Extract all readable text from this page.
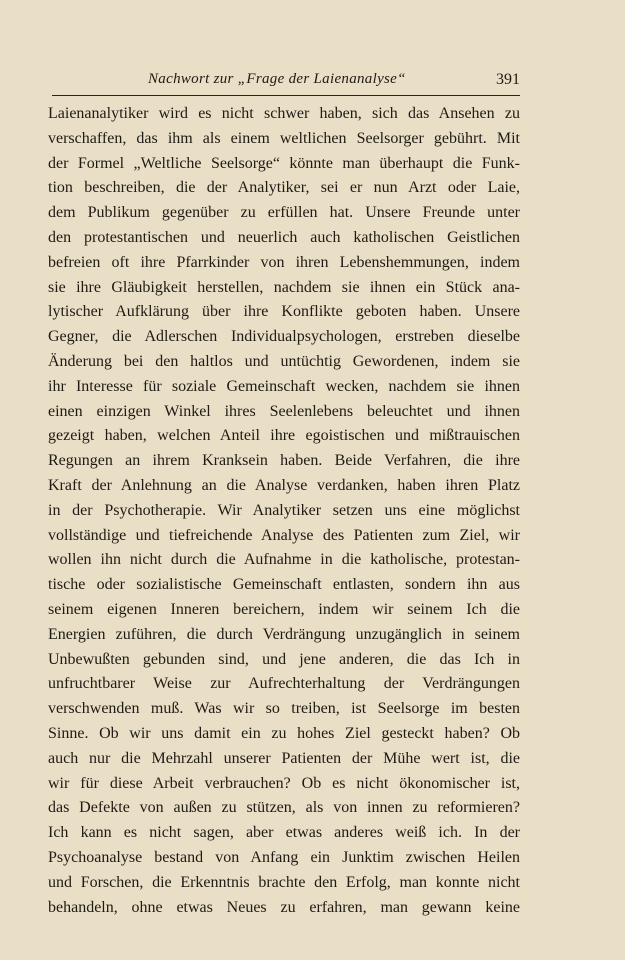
Nachwort zur „Frage der Laienanalyse“	391
Laienanalytiker wird es nicht schwer haben, sich das Ansehen zu
verschaffen, das ihm als einem weltlichen Seelsorger gebührt. Mit
der Formel „Weltliche Seelsorge“ könnte man überhaupt die Funk-
tion beschreiben, die der Analytiker, sei er nun Arzt oder Laie,
dem Publikum gegenüber zu erfüllen hat. Unsere Freunde unter
den protestantischen und neuerlich auch katholischen Geistlichen
befreien oft ihre Pfarrkinder von ihren Lebenshemmungen, indem
sie ihre Gläubigkeit herstellen, nachdem sie ihnen ein Stück ana-
lytischer Aufklärung über ihre Konflikte geboten haben. Unsere
Gegner, die Adlerschen Individualpsychologen, erstreben dieselbe
Änderung bei den haltlos und untüchtig Gewordenen, indem sie
ihr Interesse für soziale Gemeinschaft wecken, nachdem sie ihnen
einen einzigen Winkel ihres Seelenlebens beleuchtet und ihnen
gezeigt haben, welchen Anteil ihre egoistischen und mißtrauischen
Regungen an ihrem Kranksein haben. Beide Verfahren, die ihre
Kraft der Anlehnung an die Analyse verdanken, haben ihren Platz
in der Psychotherapie. Wir Analytiker setzen uns eine möglichst
vollständige und tiefreichende Analyse des Patienten zum Ziel, wir
wollen ihn nicht durch die Aufnahme in die katholische, protestan-
tische oder sozialistische Gemeinschaft entlasten, sondern ihn aus
seinem eigenen Inneren bereichern, indem wir seinem Ich die
Energien zuführen, die durch Verdrängung unzugänglich in seinem
Unbewußten gebunden sind, und jene anderen, die das Ich in
unfruchtbarer Weise zur Aufrechterhaltung der Verdrängungen
verschwenden muß. Was wir so treiben, ist Seelsorge im besten
Sinne. Ob wir uns damit ein zu hohes Ziel gesteckt haben? Ob
auch nur die Mehrzahl unserer Patienten der Mühe wert ist, die
wir für diese Arbeit verbrauchen? Ob es nicht ökonomischer ist,
das Defekte von außen zu stützen, als von innen zu reformieren?
Ich kann es nicht sagen, aber etwas anderes weiß ich. In der
Psychoanalyse bestand von Anfang ein Junktim zwischen Heilen
und Forschen, die Erkenntnis brachte den Erfolg, man konnte nicht
behandeln, ohne etwas Neues zu erfahren, man gewann keine
